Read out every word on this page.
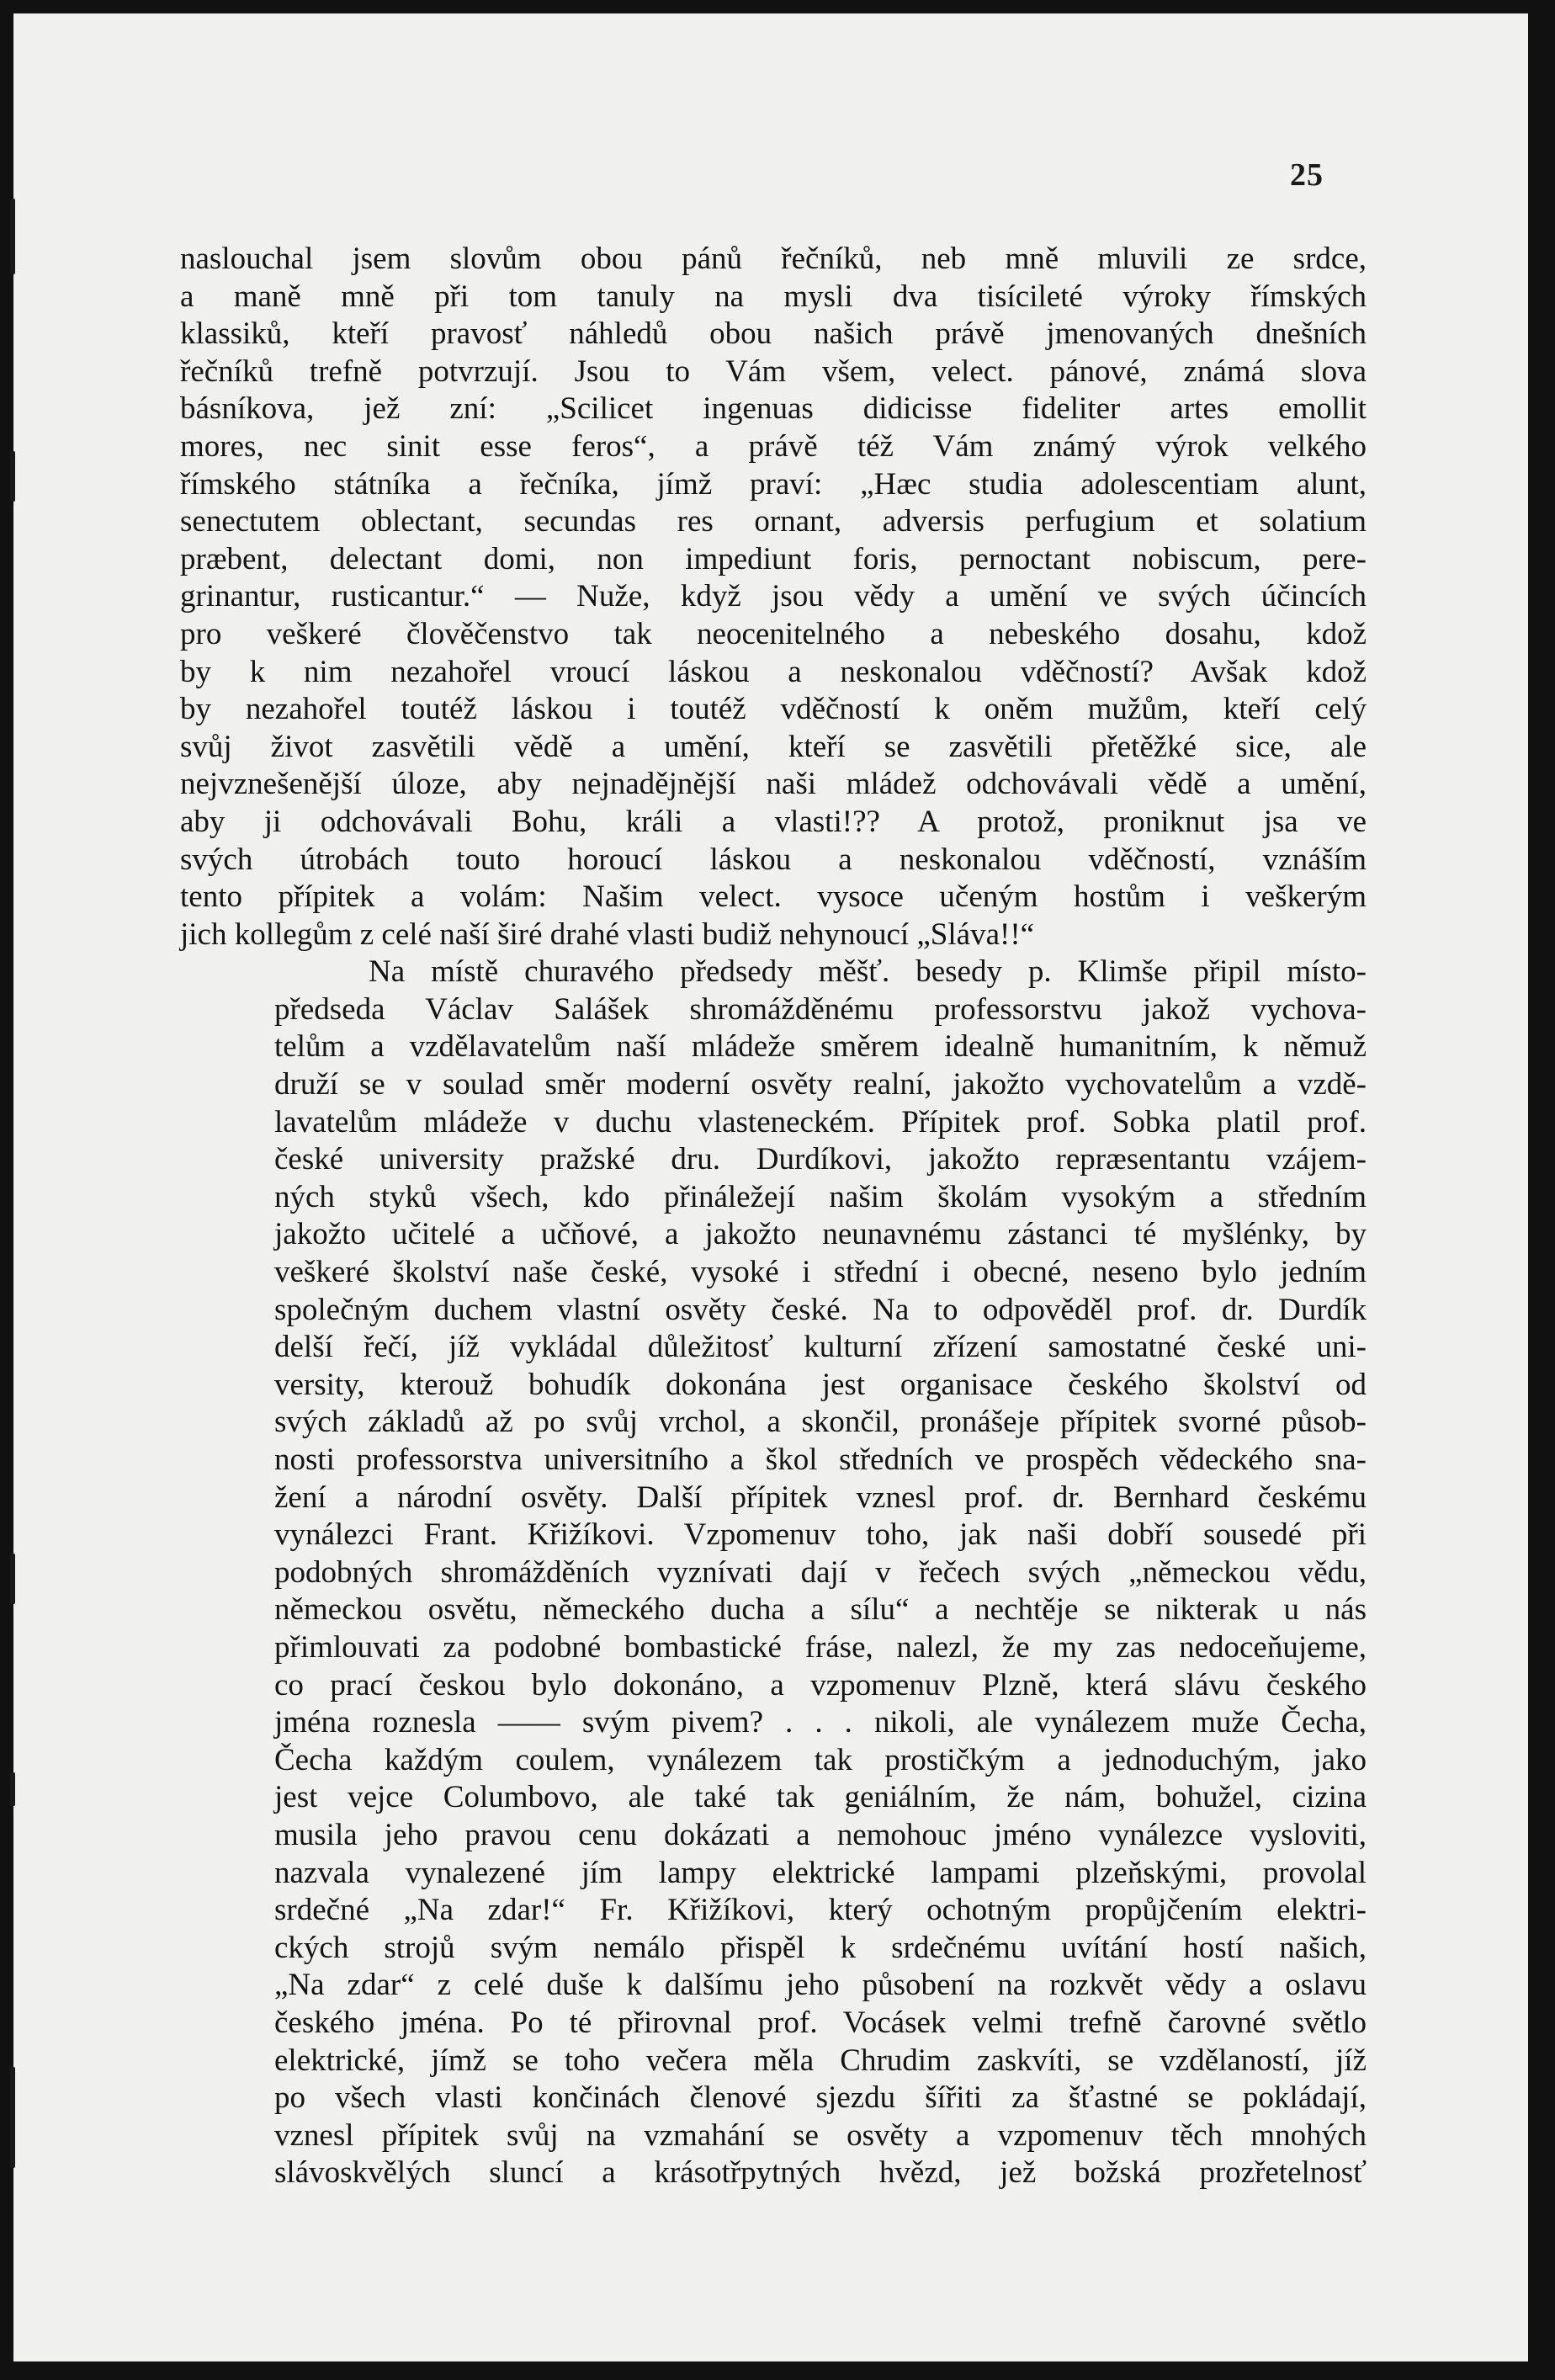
25

naslouchal jsem slovům obou pánů řečníků, neb mně mluvili ze srdce,
a maně mně při tom tanuly na mysli dva tisícileté výroky římských
klassiků, kteří pravosť náhledů obou našich právě jmenovaných dnešních
řečníků trefně potvrzují. Jsou to Vám všem, velect. pánové, známá slova
básníkova, jež zní: „Scilicet ingenuas didicisse fideliter artes emollit
mores, nec sinit esse feros“, a právě též Vám známý výrok velkého
římského státníka a řečníka, jímž praví: „Hæc studia adolescentiam alunt,
senectutem oblectant, secundas res ornant, adversis perfugium et solatium
præbent, delectant domi, non impediunt foris, pernoctant nobiscum, pere-
grinantur, rusticantur.“ — Nuže, když jsou vědy a umění ve svých účincích
pro veškeré člověčenstvo tak neocenitelného a nebeského dosahu, kdož
by k nim nezahořel vroucí láskou a neskonalou vděčností? Avšak kdož
by nezahořel toutéž láskou i toutéž vděčností k oněm mužům, kteří celý
svůj život zasvětili vědě a umění, kteří se zasvětili přetěžké sice, ale
nejvznešenější úloze, aby nejnadějnější naši mládež odchovávali vědě a umění,
aby ji odchovávali Bohu, králi a vlasti!?? A protož, proniknut jsa ve
svých útrobách touto horoucí láskou a neskonalou vděčností, vznáším
tento přípitek a volám: Našim velect. vysoce učeným hostům i veškerým
jich kollegům z celé naší širé drahé vlasti budiž nehynoucí „Sláva!!“

Na místě churavého předsedy měšť. besedy p. Klimše připil místo-
předseda Václav Salášek shromážděnému professorstvu jakož vychova-
telům a vzdělavatelům naší mládeže směrem idealně humanitním, k němuž
druží se v soulad směr moderní osvěty realní, jakožto vychovatelům a vzdě-
lavatelům mládeže v duchu vlasteneckém. Přípitek prof. Sobka platil prof.
české university pražské dru. Durdíkovi, jakožto repræsentantu vzájem-
ných styků všech, kdo přináležejí našim školám vysokým a středním
jakožto učitelé a učňové, a jakožto neunavnému zástanci té myšlénky, by
veškeré školství naše české, vysoké i střední i obecné, neseno bylo jedním
společným duchem vlastní osvěty české. Na to odpověděl prof. dr. Durdík
delší řečí, jíž vykládal důležitosť kulturní zřízení samostatné české uni-
versity, kterouž bohudík dokonána jest organisace českého školství od
svých základů až po svůj vrchol, a skončil, pronášeje přípitek svorné působ-
nosti professorstva universitního a škol středních ve prospěch vědeckého sna-
žení a národní osvěty. Další přípitek vznesl prof. dr. Bernhard českému
vynálezci Frant. Křižíkovi. Vzpomenuv toho, jak naši dobří sousedé při
podobných shromážděních vyznívati dají v řečech svých „německou vědu,
německou osvětu, německého ducha a sílu“ a nechtěje se nikterak u nás
přimlouvati za podobné bombastické fráse, nalezl, že my zas nedoceňujeme,
co prací českou bylo dokonáno, a vzpomenuv Plzně, která slávu českého
jména roznesla —— svým pivem? . . . nikoli, ale vynálezem muže Čecha,
Čecha každým coulem, vynálezem tak prostičkým a jednoduchým, jako
jest vejce Columbovo, ale také tak geniálním, že nám, bohužel, cizina
musila jeho pravou cenu dokázati a nemohouc jméno vynálezce vysloviti,
nazvala vynalezené jím lampy elektrické lampami plzeňskými, provolal
srdečné „Na zdar!“ Fr. Křižíkovi, který ochotným propůjčením elektri-
ckých strojů svým nemálo přispěl k srdečnému uvítání hostí našich,
„Na zdar“ z celé duše k dalšímu jeho působení na rozkvět vědy a oslavu
českého jména. Po té přirovnal prof. Vocásek velmi trefně čarovné světlo
elektrické, jímž se toho večera měla Chrudim zaskvíti, se vzdělaností, jíž
po všech vlasti končinách členové sjezdu šířiti za šťastné se pokládají,
vznesl přípitek svůj na vzmahání se osvěty a vzpomenuv těch mnohých
slávoskvělých sluncí a krásotřpytných hvězd, jež božská prozřetelnosť
